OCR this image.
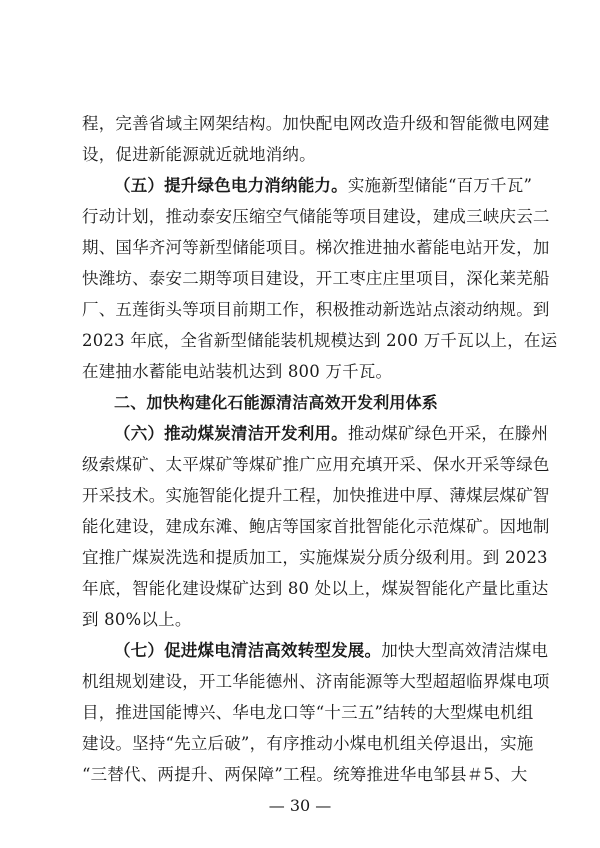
程，完善省域主网架结构。加快配电网改造升级和智能微电网建
设，促进新能源就近就地消纳。
（五）提升绿色电力消纳能力。实施新型储能“百万千瓦”
行动计划，推动泰安压缩空气储能等项目建设，建成三峡庆云二
期、国华齐河等新型储能项目。梯次推进抽水蓄能电站开发，加
快潍坊、泰安二期等项目建设，开工枣庄庄里项目，深化莱芜船
厂、五莲街头等项目前期工作，积极推动新选站点滚动纳规。到
2023 年底，全省新型储能装机规模达到 200 万千瓦以上，在运
在建抽水蓄能电站装机达到 800 万千瓦。
二、加快构建化石能源清洁高效开发利用体系
（六）推动煤炭清洁开发利用。推动煤矿绿色开采，在滕州
级索煤矿、太平煤矿等煤矿推广应用充填开采、保水开采等绿色
开采技术。实施智能化提升工程，加快推进中厚、薄煤层煤矿智
能化建设，建成东滩、鲍店等国家首批智能化示范煤矿。因地制
宜推广煤炭洗选和提质加工，实施煤炭分质分级利用。到 2023
年底，智能化建设煤矿达到 80 处以上，煤炭智能化产量比重达
到 80%以上。
（七）促进煤电清洁高效转型发展。加快大型高效清洁煤电
机组规划建设，开工华能德州、济南能源等大型超超临界煤电项
目，推进国能博兴、华电龙口等“十三五”结转的大型煤电机组
建设。坚持“先立后破”，有序推动小煤电机组关停退出，实施
“三替代、两提升、两保障”工程。统筹推进华电邹县＃5、大
— 30 —
